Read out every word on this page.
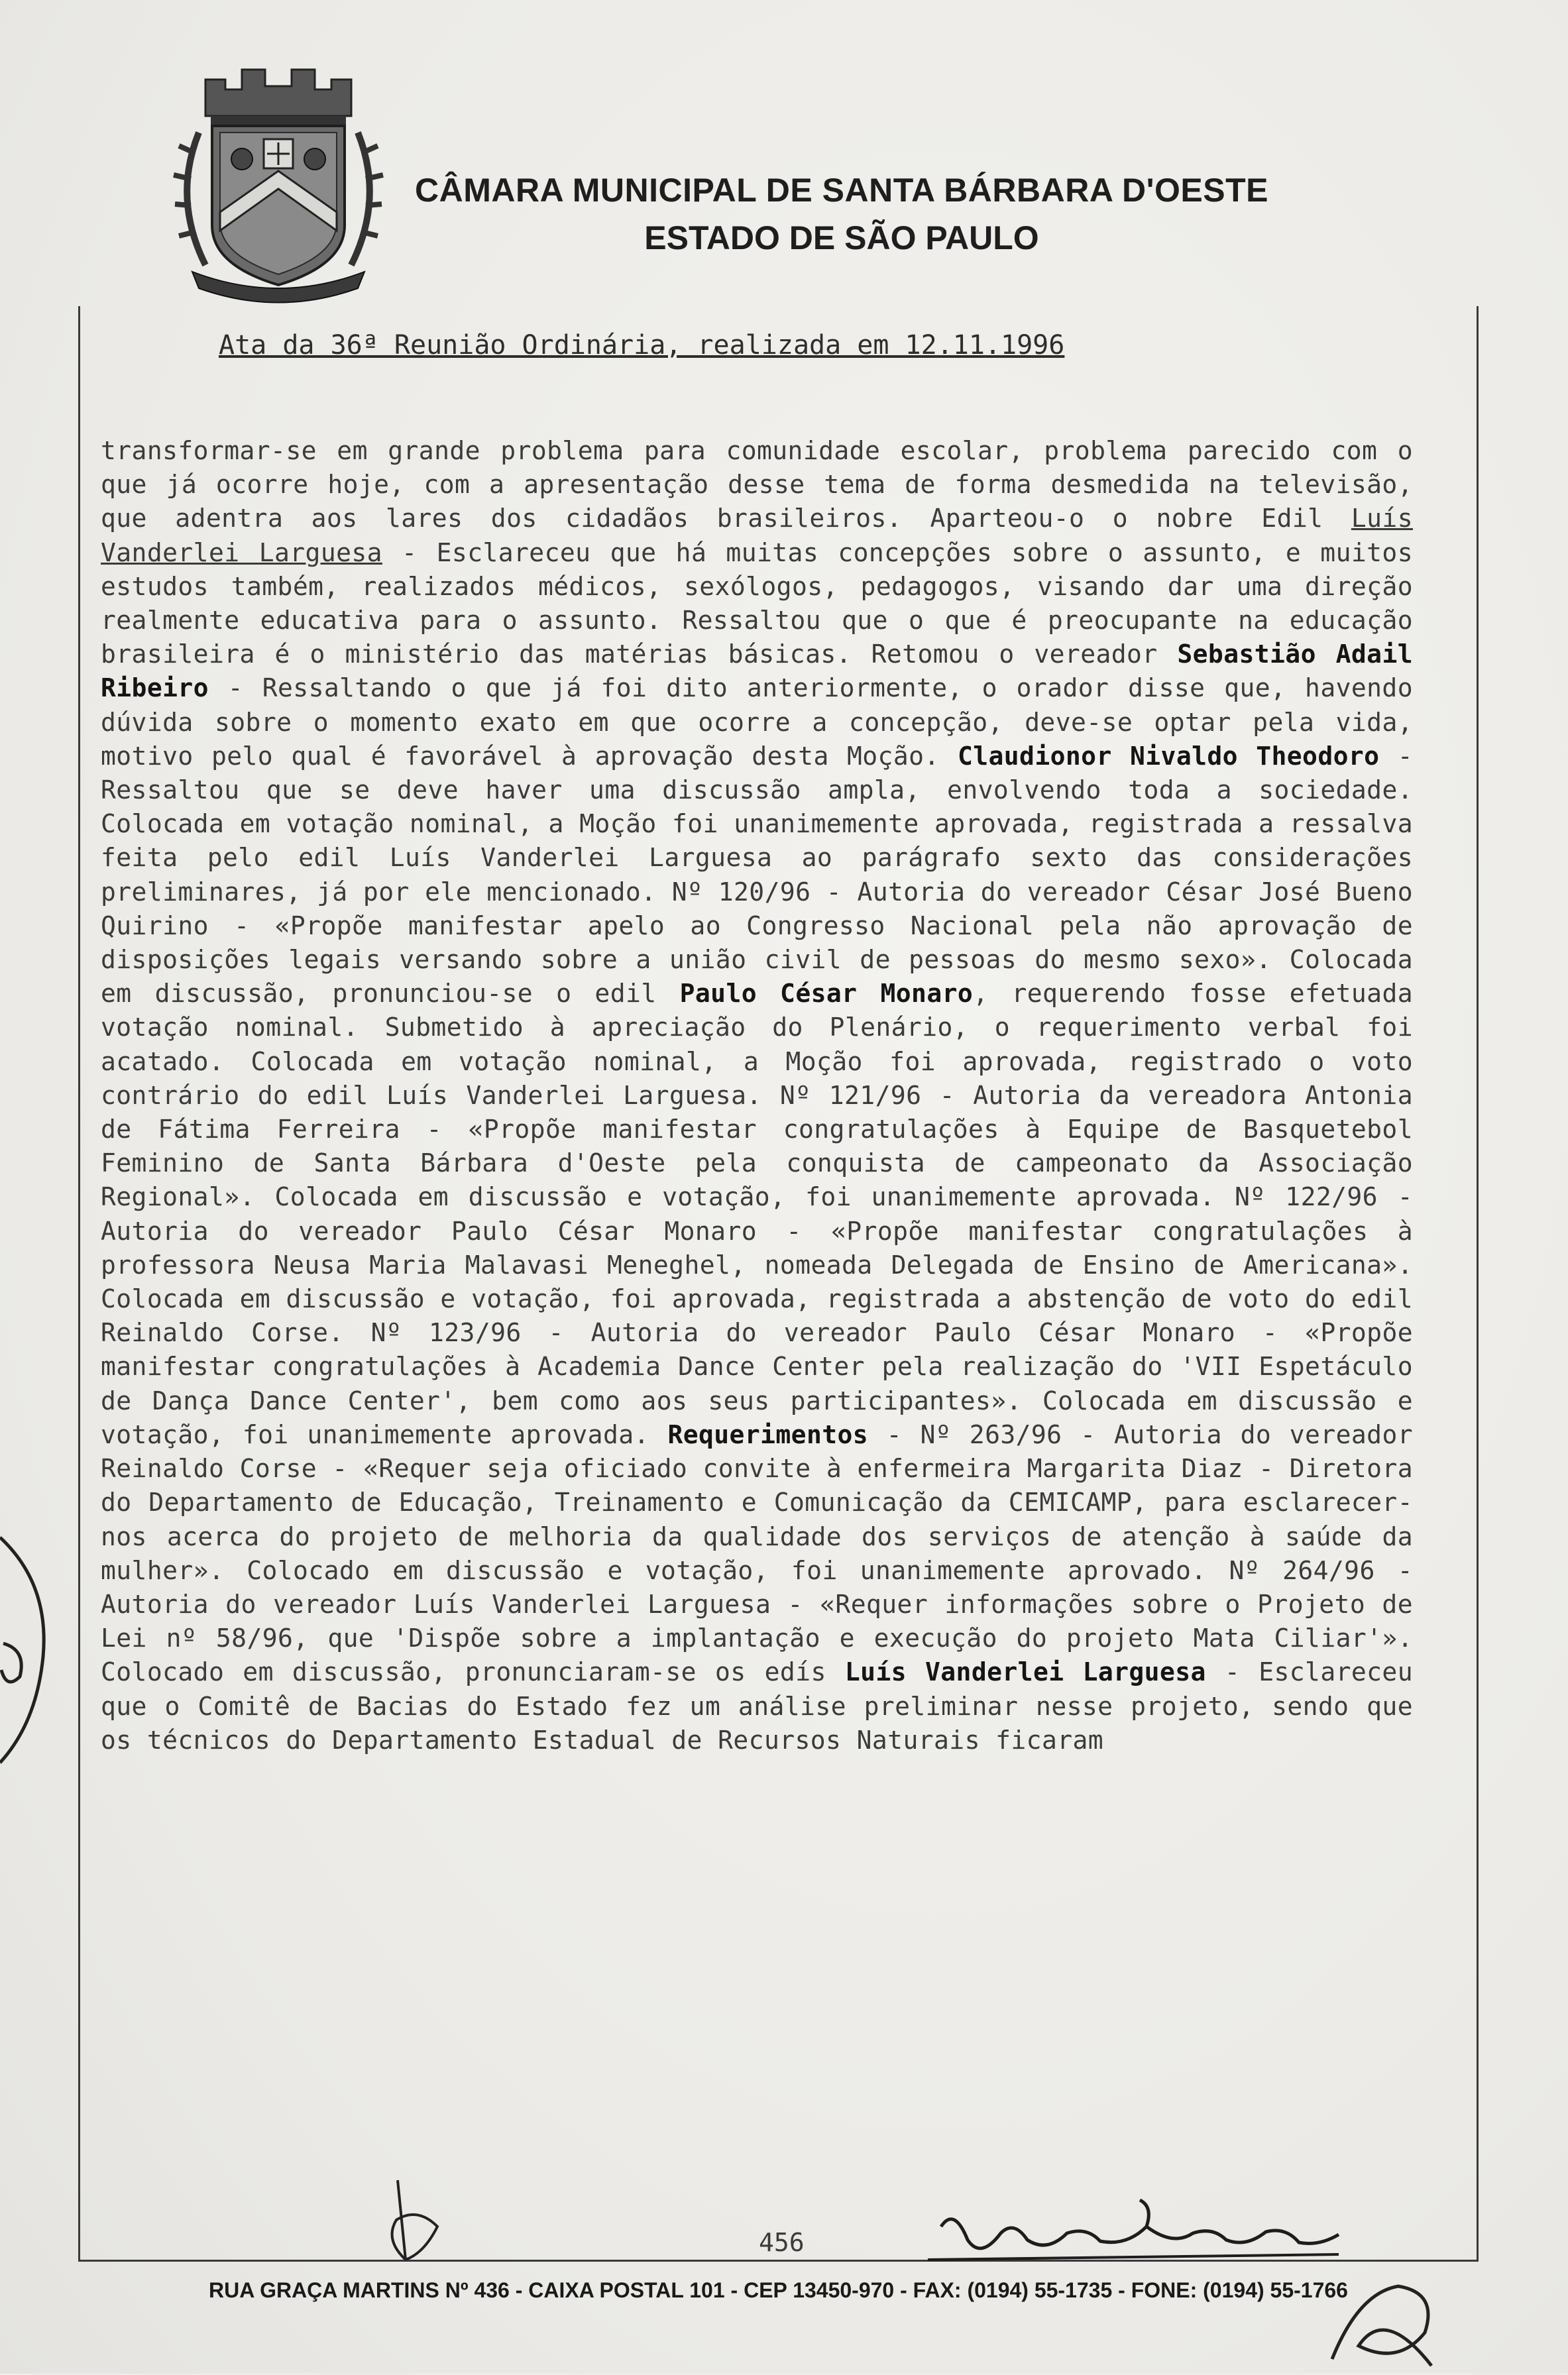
CÂMARA MUNICIPAL DE SANTA BÁRBARA D'OESTE
ESTADO DE SÃO PAULO
Ata da 36ª Reunião Ordinária, realizada em 12.11.1996

transformar-se em grande problema para comunidade escolar, problema parecido com o que já ocorre hoje, com a apresentação desse tema de forma desmedida na televisão, que adentra aos lares dos cidadãos brasileiros. Aparteou-o o nobre Edil Luís Vanderlei Larguesa - Esclareceu que há muitas concepções sobre o assunto, e muitos estudos também, realizados médicos, sexólogos, pedagogos, visando dar uma direção realmente educativa para o assunto. Ressaltou que o que é preocupante na educação brasileira é o ministério das matérias básicas. Retomou o vereador Sebastião Adail Ribeiro - Ressaltando o que já foi dito anteriormente, o orador disse que, havendo dúvida sobre o momento exato em que ocorre a concepção, deve-se optar pela vida, motivo pelo qual é favorável à aprovação desta Moção. Claudionor Nivaldo Theodoro - Ressaltou que se deve haver uma discussão ampla, envolvendo toda a sociedade. Colocada em votação nominal, a Moção foi unanimemente aprovada, registrada a ressalva feita pelo edil Luís Vanderlei Larguesa ao parágrafo sexto das considerações preliminares, já por ele mencionado. Nº 120/96 - Autoria do vereador César José Bueno Quirino - «Propõe manifestar apelo ao Congresso Nacional pela não aprovação de disposições legais versando sobre a união civil de pessoas do mesmo sexo». Colocada em discussão, pronunciou-se o edil Paulo César Monaro, requerendo fosse efetuada votação nominal. Submetido à apreciação do Plenário, o requerimento verbal foi acatado. Colocada em votação nominal, a Moção foi aprovada, registrado o voto contrário do edil Luís Vanderlei Larguesa. Nº 121/96 - Autoria da vereadora Antonia de Fátima Ferreira - «Propõe manifestar congratulações à Equipe de Basquetebol Feminino de Santa Bárbara d'Oeste pela conquista de campeonato da Associação Regional». Colocada em discussão e votação, foi unanimemente aprovada. Nº 122/96 - Autoria do vereador Paulo César Monaro - «Propõe manifestar congratulações à professora Neusa Maria Malavasi Meneghel, nomeada Delegada de Ensino de Americana». Colocada em discussão e votação, foi aprovada, registrada a abstenção de voto do edil Reinaldo Corse. Nº 123/96 - Autoria do vereador Paulo César Monaro - «Propõe manifestar congratulações à Academia Dance Center pela realização do 'VII Espetáculo de Dança Dance Center', bem como aos seus participantes». Colocada em discussão e votação, foi unanimemente aprovada. Requerimentos - Nº 263/96 - Autoria do vereador Reinaldo Corse - «Requer seja oficiado convite à enfermeira Margarita Diaz - Diretora do Departamento de Educação, Treinamento e Comunicação da CEMICAMP, para esclarecer-nos acerca do projeto de melhoria da qualidade dos serviços de atenção à saúde da mulher». Colocado em discussão e votação, foi unanimemente aprovado. Nº 264/96 - Autoria do vereador Luís Vanderlei Larguesa - «Requer informações sobre o Projeto de Lei nº 58/96, que 'Dispõe sobre a implantação e execução do projeto Mata Ciliar'». Colocado em discussão, pronunciaram-se os edís Luís Vanderlei Larguesa - Esclareceu que o Comitê de Bacias do Estado fez um análise preliminar nesse projeto, sendo que os técnicos do Departamento Estadual de Recursos Naturais ficaram

456
RUA GRAÇA MARTINS Nº 436 - CAIXA POSTAL 101 - CEP 13450-970 - FAX: (0194) 55-1735 - FONE: (0194) 55-1766
